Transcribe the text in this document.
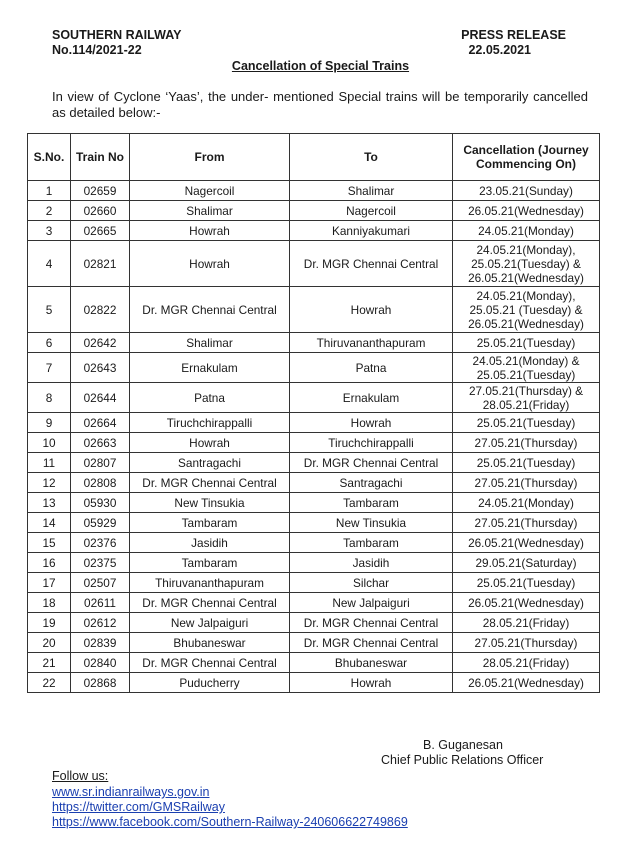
SOUTHERN RAILWAY
No.114/2021-22
PRESS RELEASE
22.05.2021
Cancellation of Special Trains
In view of Cyclone ‘Yaas’, the under- mentioned Special trains will be temporarily cancelled as detailed below:-
S.No.	Train No	From	To	Cancellation (Journey Commencing On)
1	02659	Nagercoil	Shalimar	23.05.21(Sunday)
2	02660	Shalimar	Nagercoil	26.05.21(Wednesday)
3	02665	Howrah	Kanniyakumari	24.05.21(Monday)
4	02821	Howrah	Dr. MGR Chennai Central	24.05.21(Monday), 25.05.21(Tuesday) & 26.05.21(Wednesday)
5	02822	Dr. MGR Chennai Central	Howrah	24.05.21(Monday), 25.05.21 (Tuesday) & 26.05.21(Wednesday)
6	02642	Shalimar	Thiruvananthapuram	25.05.21(Tuesday)
7	02643	Ernakulam	Patna	24.05.21(Monday) & 25.05.21(Tuesday)
8	02644	Patna	Ernakulam	27.05.21(Thursday) & 28.05.21(Friday)
9	02664	Tiruchchirappalli	Howrah	25.05.21(Tuesday)
10	02663	Howrah	Tiruchchirappalli	27.05.21(Thursday)
11	02807	Santragachi	Dr. MGR Chennai Central	25.05.21(Tuesday)
12	02808	Dr. MGR Chennai Central	Santragachi	27.05.21(Thursday)
13	05930	New Tinsukia	Tambaram	24.05.21(Monday)
14	05929	Tambaram	New Tinsukia	27.05.21(Thursday)
15	02376	Jasidih	Tambaram	26.05.21(Wednesday)
16	02375	Tambaram	Jasidih	29.05.21(Saturday)
17	02507	Thiruvananthapuram	Silchar	25.05.21(Tuesday)
18	02611	Dr. MGR Chennai Central	New Jalpaiguri	26.05.21(Wednesday)
19	02612	New Jalpaiguri	Dr. MGR Chennai Central	28.05.21(Friday)
20	02839	Bhubaneswar	Dr. MGR Chennai Central	27.05.21(Thursday)
21	02840	Dr. MGR Chennai Central	Bhubaneswar	28.05.21(Friday)
22	02868	Puducherry	Howrah	26.05.21(Wednesday)
B. Guganesan
Chief Public Relations Officer
Follow us:
www.sr.indianrailways.gov.in
https://twitter.com/GMSRailway
https://www.facebook.com/Southern-Railway-240606622749869
